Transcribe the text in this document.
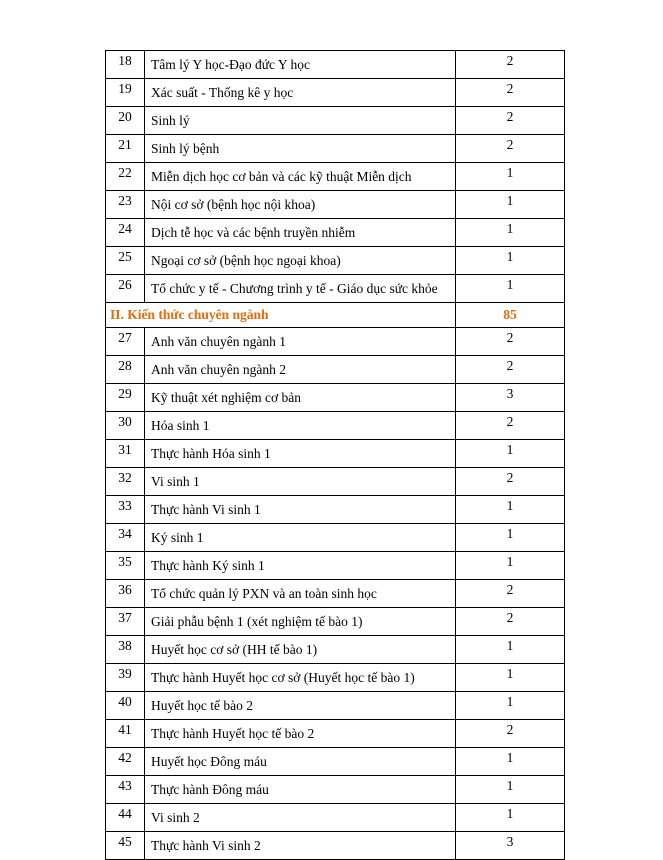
18	Tâm lý Y học-Đạo đức Y học	2
19	Xác suất - Thống kê y học	2
20	Sinh lý	2
21	Sinh lý bệnh	2
22	Miễn dịch học cơ bản và các kỹ thuật Miễn dịch	1
23	Nội cơ sở (bệnh học nội khoa)	1
24	Dịch tễ học và các bệnh truyền nhiễm	1
25	Ngoại cơ sở (bệnh học ngoại khoa)	1
26	Tổ chức y tế - Chương trình y tế - Giáo dục sức khỏe	1
II. Kiến thức chuyên ngành		85
27	Anh văn chuyên ngành 1	2
28	Anh văn chuyên ngành 2	2
29	Kỹ thuật xét nghiệm cơ bản	3
30	Hóa sinh 1	2
31	Thực hành Hóa sinh 1	1
32	Vi sinh 1	2
33	Thực hành Vi sinh 1	1
34	Ký sinh 1	1
35	Thực hành Ký sinh 1	1
36	Tổ chức quản lý PXN và an toàn sinh học	2
37	Giải phẫu bệnh 1 (xét nghiệm tế bào 1)	2
38	Huyết học cơ sở (HH tế bào 1)	1
39	Thực hành Huyết học cơ sở (Huyết học tế bào 1)	1
40	Huyết học tế bào 2	1
41	Thực hành Huyết học tế bào 2	2
42	Huyết học Đông máu	1
43	Thực hành Đông máu	1
44	Vi sinh 2	1
45	Thực hành Vi sinh 2	3
